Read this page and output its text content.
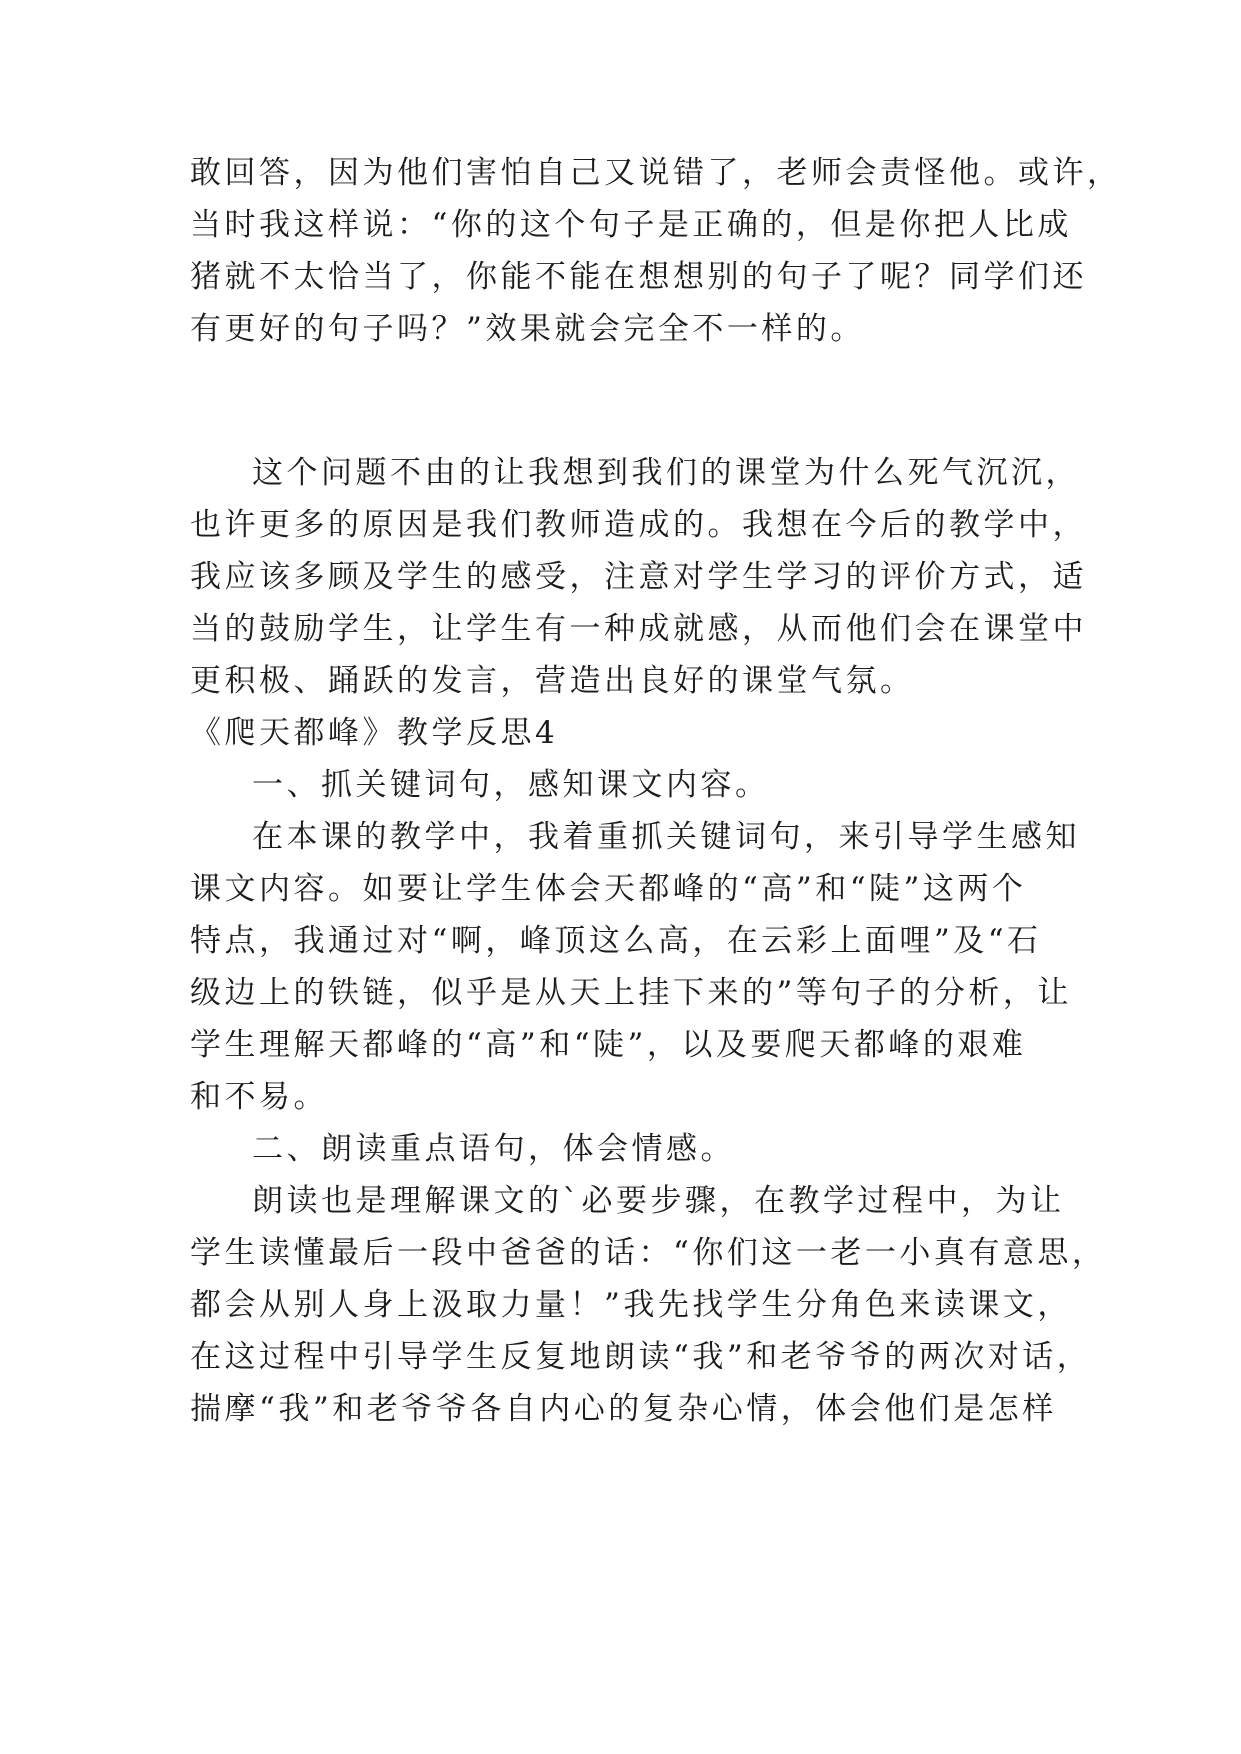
敢回答，因为他们害怕自己又说错了，老师会责怪他。或许，
当时我这样说：“你的这个句子是正确的，但是你把人比成
猪就不太恰当了，你能不能在想想别的句子了呢？同学们还
有更好的句子吗？”效果就会完全不一样的。
这个问题不由的让我想到我们的课堂为什么死气沉沉，
也许更多的原因是我们教师造成的。我想在今后的教学中，
我应该多顾及学生的感受，注意对学生学习的评价方式，适
当的鼓励学生，让学生有一种成就感，从而他们会在课堂中
更积极、踊跃的发言，营造出良好的课堂气氛。
《爬天都峰》教学反思4
一、抓关键词句，感知课文内容。
在本课的教学中，我着重抓关键词句，来引导学生感知
课文内容。如要让学生体会天都峰的“高”和“陡”这两个
特点，我通过对“啊，峰顶这么高，在云彩上面哩”及“石
级边上的铁链，似乎是从天上挂下来的”等句子的分析，让
学生理解天都峰的“高”和“陡”，以及要爬天都峰的艰难
和不易。
二、朗读重点语句，体会情感。
朗读也是理解课文的`必要步骤，在教学过程中，为让
学生读懂最后一段中爸爸的话：“你们这一老一小真有意思，
都会从别人身上汲取力量！”我先找学生分角色来读课文，
在这过程中引导学生反复地朗读“我”和老爷爷的两次对话，
揣摩“我”和老爷爷各自内心的复杂心情，体会他们是怎样
